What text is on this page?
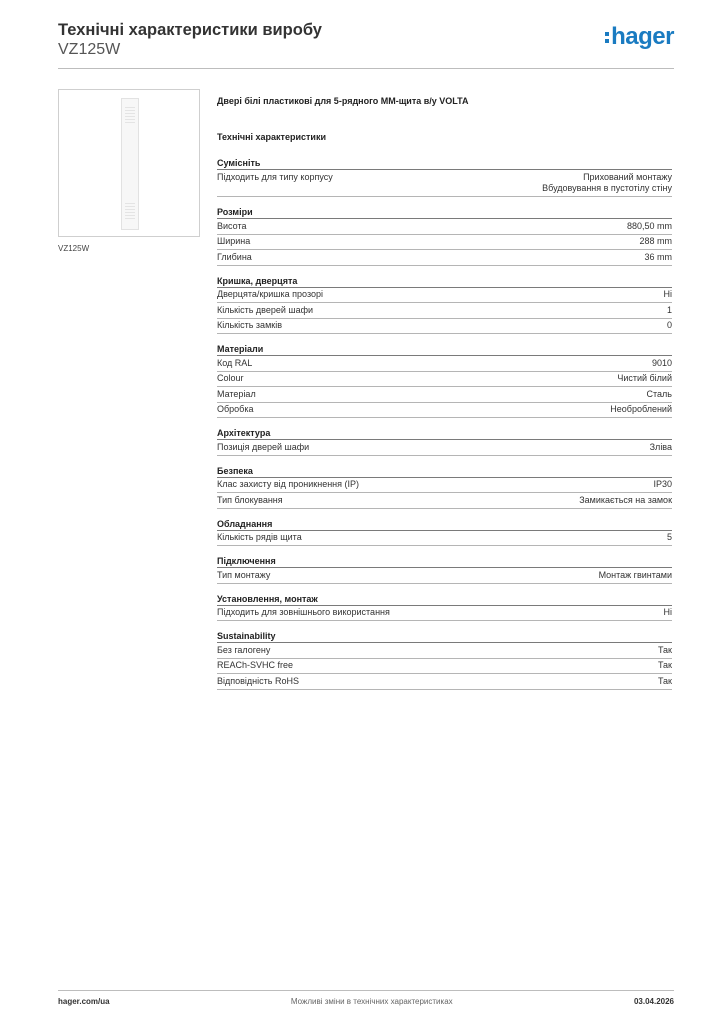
Технічні характеристики виробу
VZ125W	hager
VZ125W
Двері білі пластикові для 5-рядного ММ-щита в/у VOLTA
Технічні характеристики
Сумісніть
Підходить для типу корпусу	Прихований монтажу
Вбудовування в пустотілу стіну
Розміри
Висота	880,50 mm
Ширина	288 mm
Глибина	36 mm
Кришка, дверцята
Дверцята/кришка прозорі	Ні
Кількість дверей шафи	1
Кількість замків	0
Матеріали
Код RAL	9010
Colour	Чистий білий
Матеріал	Сталь
Обробка	Необроблений
Архітектура
Позиція дверей шафи	Зліва
Безпека
Клас захисту від проникнення (IP)	IP30
Тип блокування	Замикається на замок
Обладнання
Кількість рядів щита	5
Підключення
Тип монтажу	Монтаж гвинтами
Установлення, монтаж
Підходить для зовнішнього використання	Ні
Sustainability
Без галогену	Так
REACh-SVHC free	Так
Відповідність RoHS	Так
hager.com/ua	Можливі зміни в технічних характеристиках	03.04.2026
